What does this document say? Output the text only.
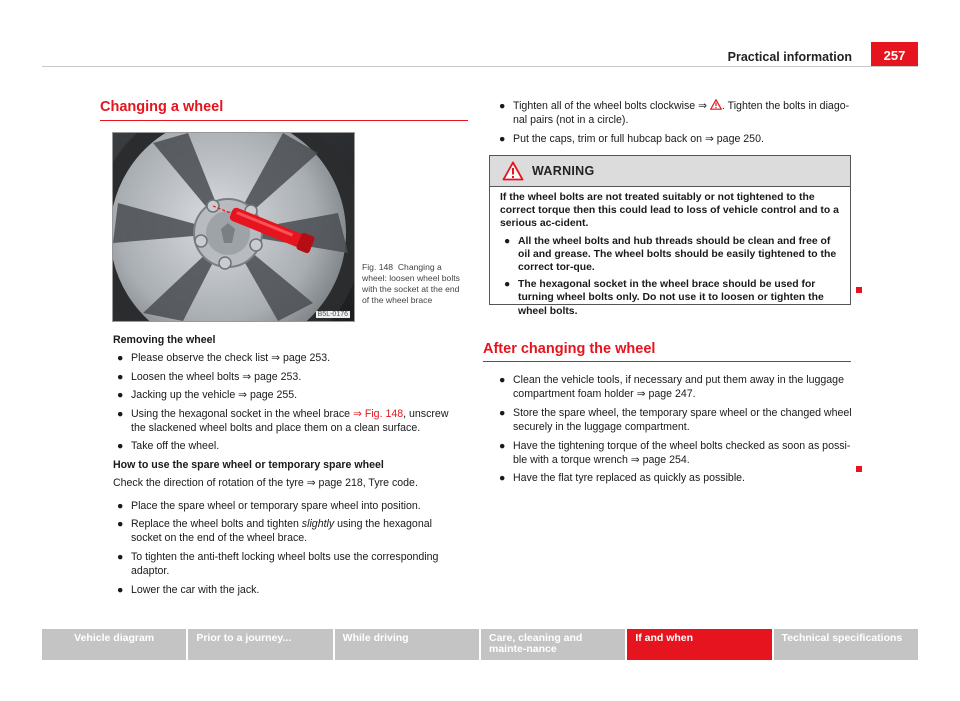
Practical information	257
Changing a wheel
B5L-0176
Fig. 148 Changing a wheel: loosen wheel bolts with the socket at the end of the wheel brace

Removing the wheel

● Please observe the check list ⇒ page 253.

● Loosen the wheel bolts ⇒ page 253.

● Jacking up the vehicle ⇒ page 255.

● Using the hexagonal socket in the wheel brace ⇒ Fig. 148, unscrew the slackened wheel bolts and place them on a clean surface.

● Take off the wheel.

How to use the spare wheel or temporary spare wheel

Check the direction of rotation of the tyre ⇒ page 218, Tyre code.

● Place the spare wheel or temporary spare wheel into position.

● Replace the wheel bolts and tighten slightly using the hexagonal socket on the end of the wheel brace.

● To tighten the anti-theft locking wheel bolts use the corresponding adaptor.

● Lower the car with the jack.

● Tighten all of the wheel bolts clockwise ⇒ . Tighten the bolts in diago-nal pairs (not in a circle).

● Put the caps, trim or full hubcap back on ⇒ page 250.

WARNING

If the wheel bolts are not treated suitably or not tightened to the correct torque then this could lead to loss of vehicle control and to a serious ac-cident.

● All the wheel bolts and hub threads should be clean and free of oil and grease. The wheel bolts should be easily tightened to the correct tor-que.

● The hexagonal socket in the wheel brace should be used for turning wheel bolts only. Do not use it to loosen or tighten the wheel bolts.

After changing the wheel

● Clean the vehicle tools, if necessary and put them away in the luggage compartment foam holder ⇒ page 247.

● Store the spare wheel, the temporary spare wheel or the changed wheel securely in the luggage compartment.

● Have the tightening torque of the wheel bolts checked as soon as possi-ble with a torque wrench ⇒ page 254.

● Have the flat tyre replaced as quickly as possible.

Vehicle diagram	Prior to a journey...	While driving	Care, cleaning and mainte-nance
If and when	Technical specifications
